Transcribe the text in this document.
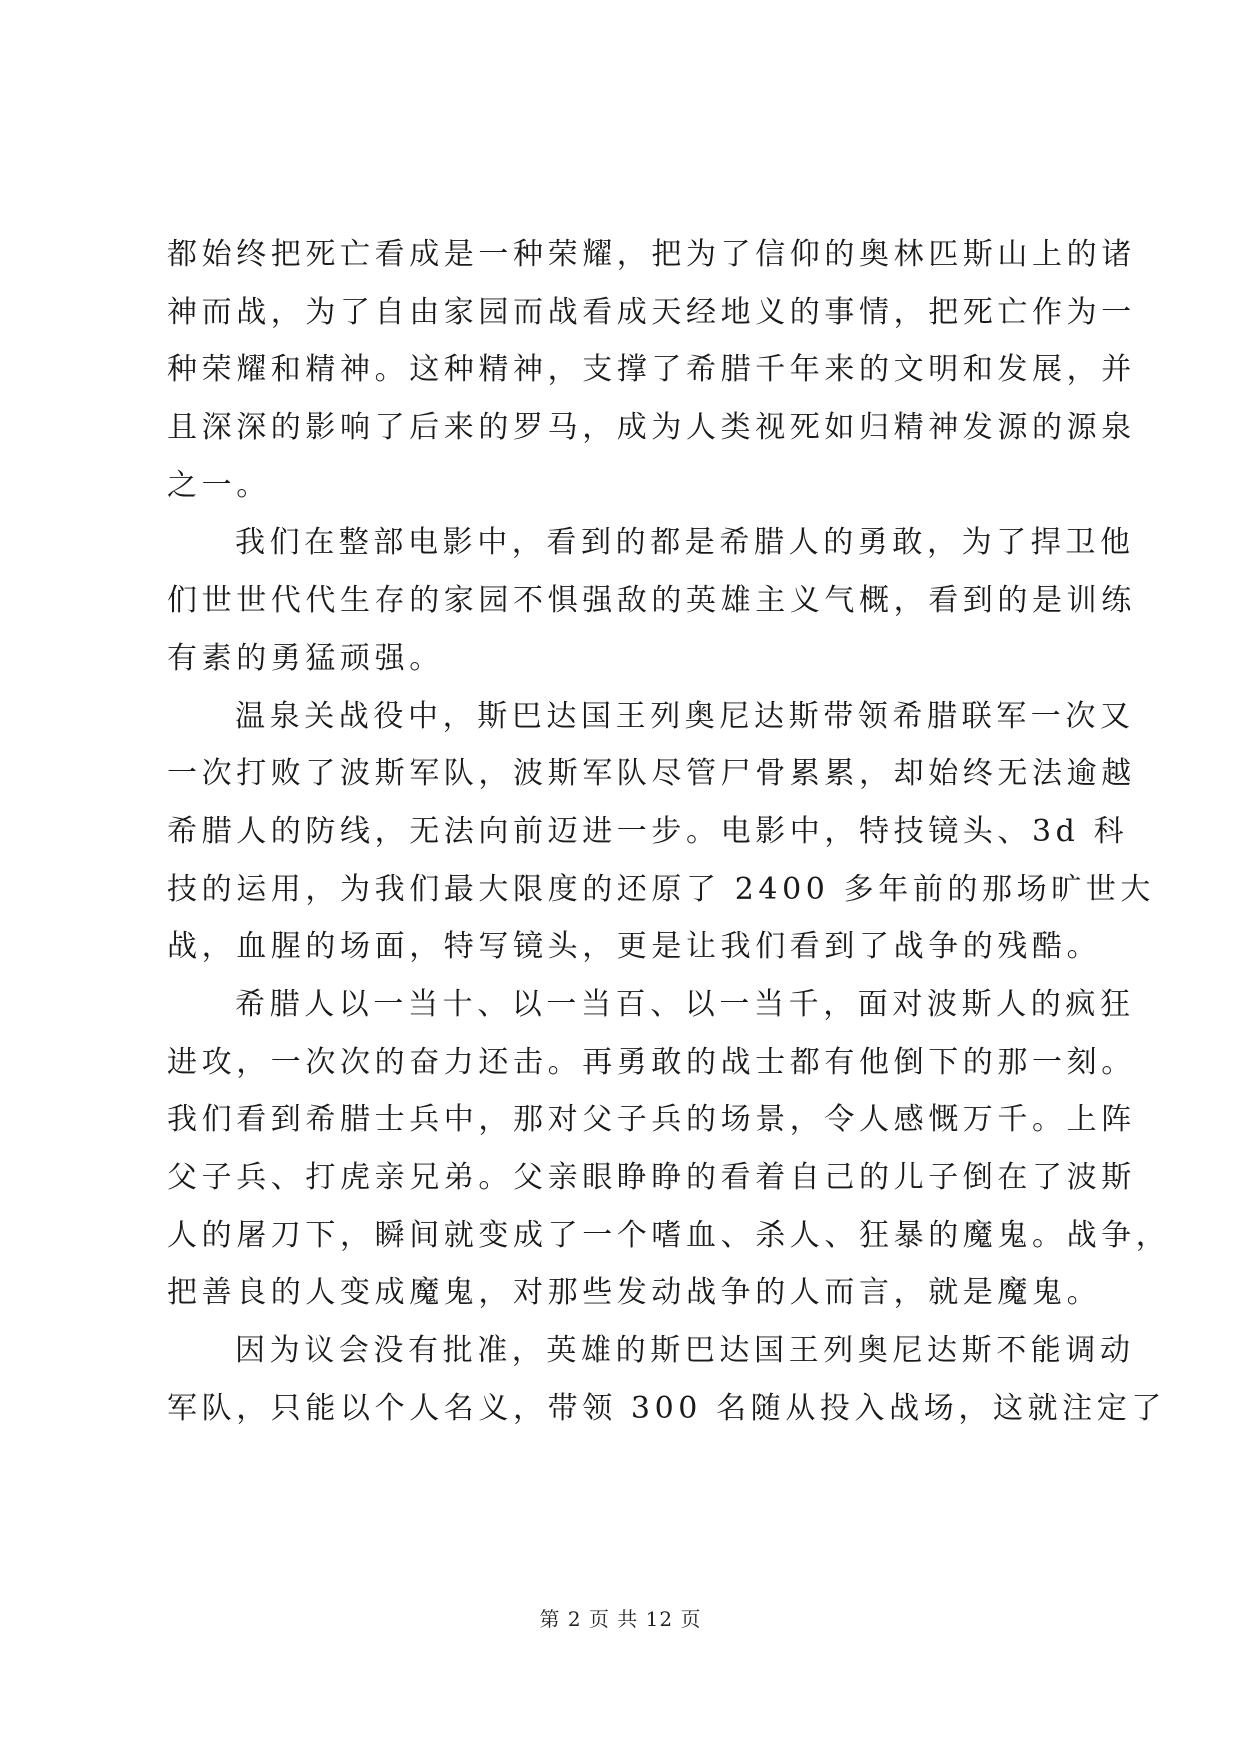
都始终把死亡看成是一种荣耀，把为了信仰的奥林匹斯山上的诸
神而战，为了自由家园而战看成天经地义的事情，把死亡作为一
种荣耀和精神。这种精神，支撑了希腊千年来的文明和发展，并
且深深的影响了后来的罗马，成为人类视死如归精神发源的源泉
之一。
我们在整部电影中，看到的都是希腊人的勇敢，为了捍卫他
们世世代代生存的家园不惧强敌的英雄主义气概，看到的是训练
有素的勇猛顽强。
温泉关战役中，斯巴达国王列奥尼达斯带领希腊联军一次又
一次打败了波斯军队，波斯军队尽管尸骨累累，却始终无法逾越
希腊人的防线，无法向前迈进一步。电影中，特技镜头、3d 科
技的运用，为我们最大限度的还原了 2400 多年前的那场旷世大
战，血腥的场面，特写镜头，更是让我们看到了战争的残酷。
希腊人以一当十、以一当百、以一当千，面对波斯人的疯狂
进攻，一次次的奋力还击。再勇敢的战士都有他倒下的那一刻。
我们看到希腊士兵中，那对父子兵的场景，令人感慨万千。上阵
父子兵、打虎亲兄弟。父亲眼睁睁的看着自己的儿子倒在了波斯
人的屠刀下，瞬间就变成了一个嗜血、杀人、狂暴的魔鬼。战争，
把善良的人变成魔鬼，对那些发动战争的人而言，就是魔鬼。
因为议会没有批准，英雄的斯巴达国王列奥尼达斯不能调动
军队，只能以个人名义，带领 300 名随从投入战场，这就注定了
第 2 页 共 12 页
